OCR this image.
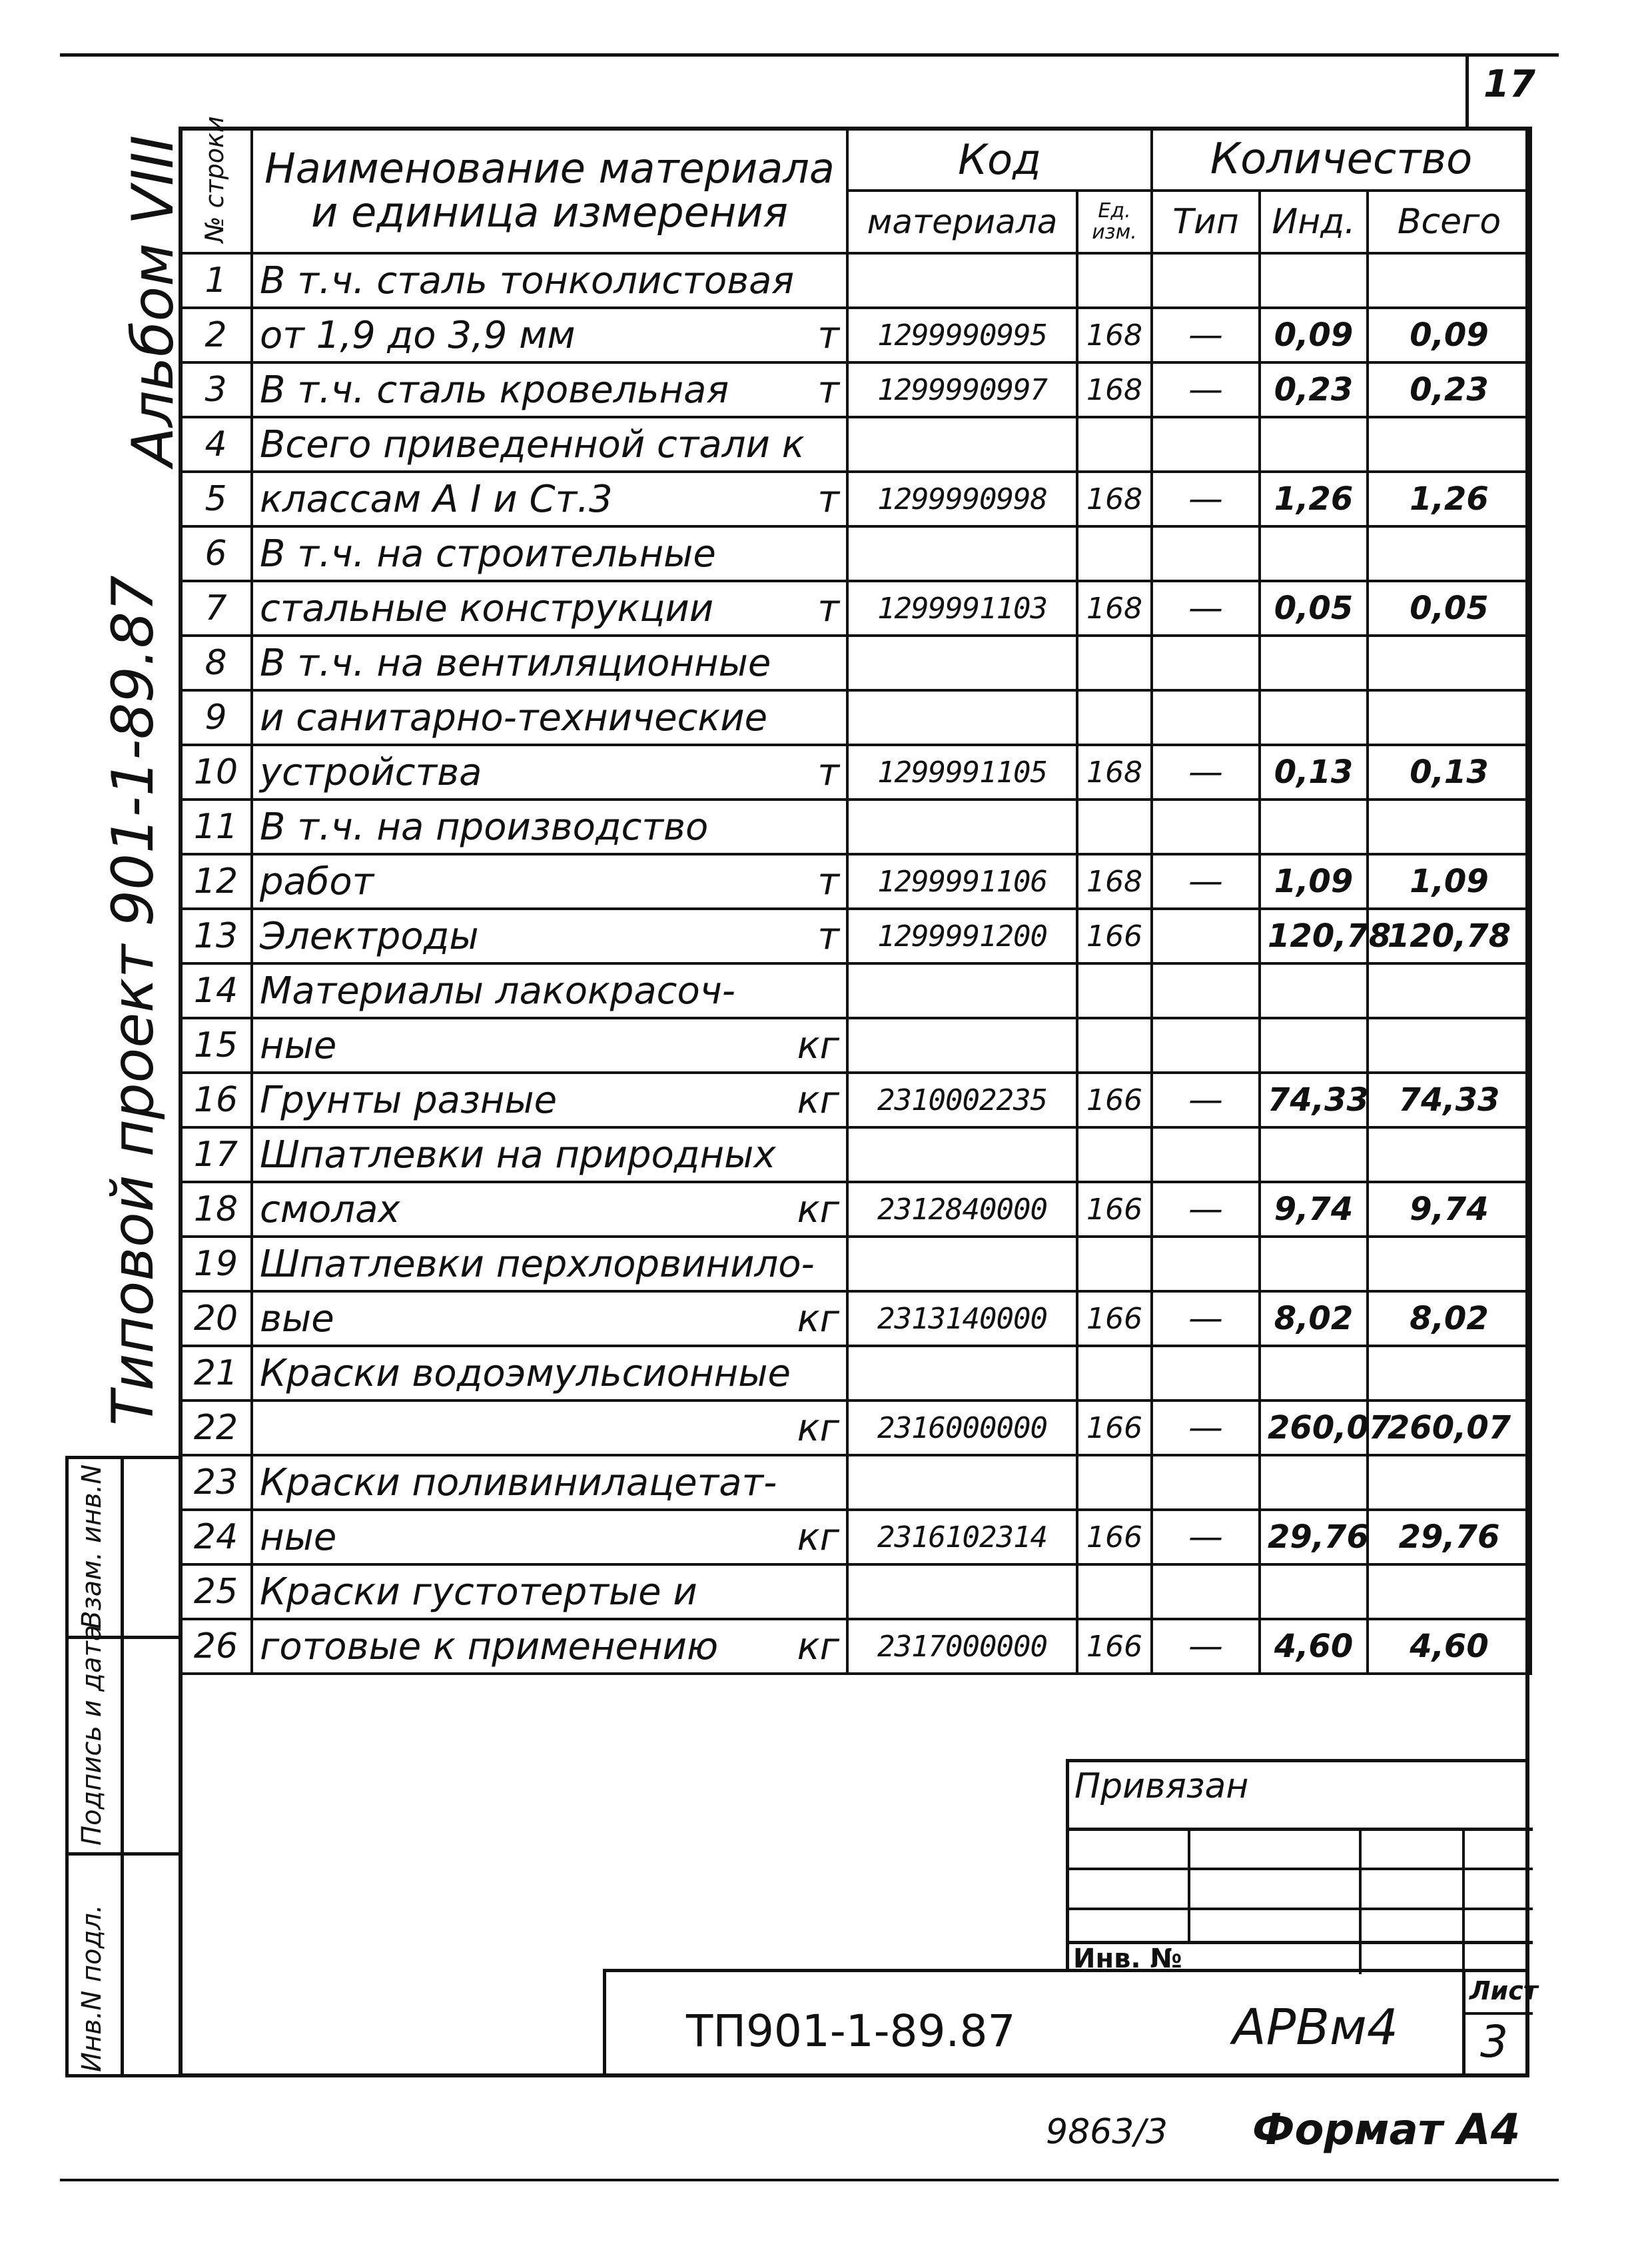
17
Альбом VIII
Типовой проект 901-1-89.87
Взам. инв.N
Подпись и дата
Инв.N подл.
№ строки	Наименование материала
и единица измерения	Код		Количество		
		материала	Ед. изм.	Тип	Инд.	Всего
1	В т.ч. сталь тонколистовая					

2	от 1,9 до 3,9 мм т	1299990995	168	—	0,09	0,09
3	В т.ч. сталь кровельная т	1299990997	168	—	0,23	0,23
4	Всего приведенной стали к					

5	классам А I и Ст.3 т	1299990998	168	—	1,26	1,26
6	В т.ч. на строительные					

7	стальные конструкции т	1299991103	168	—	0,05	0,05
8	В т.ч. на вентиляционные					

9	и санитарно-технические					

10	устройства т	1299991105	168	—	0,13	0,13
11	В т.ч. на производство					

12	работ т	1299991106	168	—	1,09	1,09
13	Электроды т	1299991200	166		120,78	120,78
14	Материалы лакокрасоч-					

15	ные кг					

16	Грунты разные кг	2310002235	166	—	74,33	74,33
17	Шпатлевки на природных					

18	смолах кг	2312840000	166	—	9,74	9,74
19	Шпатлевки перхлорвинило-					

20	вые кг	2313140000	166	—	8,02	8,02
21	Краски водоэмульсионные					

22	кг	2316000000	166	—	260,07	260,07
23	Краски поливинилацетат-					

24	ные кг	2316102314	166	—	29,76	29,76
25	Краски густотертые и					

26	готовые к применению кг	2317000000	166	—	4,60	4,60
Привязан
Инв. №
ТП901-1-89.87	АРВм4
Лист
3
9863/3 Формат А4
